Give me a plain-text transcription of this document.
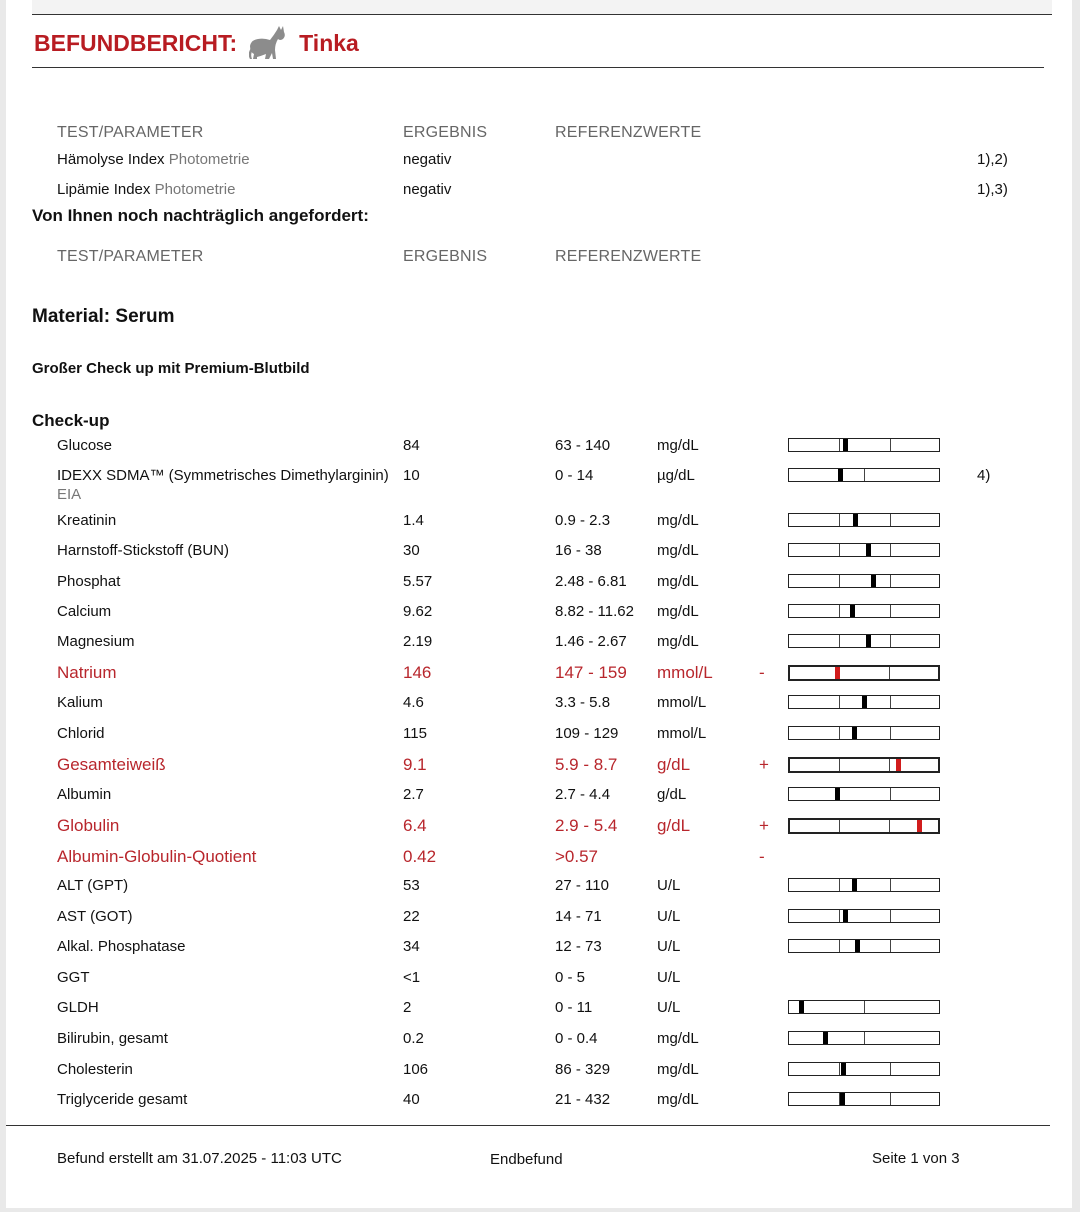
BEFUNDBERICHT:	Tinka
TEST/PARAMETER	ERGEBNIS	REFERENZWERTE
Hämolyse Index Photometrie	negativ	1),2)
Lipämie Index Photometrie	negativ	1),3)
Von Ihnen noch nachträglich angefordert:
TEST/PARAMETER	ERGEBNIS	REFERENZWERTE
Material: Serum
Großer Check up mit Premium-Blutbild
Check-up
Glucose	84	63 - 140	mg/dL
IDEXX SDMA™ (Symmetrisches Dimethylarginin)
EIA
10	0 - 14	µg/dL	4)
Kreatinin	1.4	0.9 - 2.3	mg/dL
Harnstoff-Stickstoff (BUN)	30	16 - 38	mg/dL
Phosphat	5.57	2.48 - 6.81 mg/dL
Calcium	9.62	8.82 - 11.62 mg/dL
Magnesium	2.19	1.46 - 2.67 mg/dL
Natrium	146	147 - 159 mmol/L	-
Kalium	4.6	3.3 - 5.8	mmol/L
Chlorid	115	109 - 129	mmol/L
Gesamteiweiß	9.1	5.9 - 8.7 g/dL	+
Albumin	2.7	2.7 - 4.4	g/dL
Globulin	6.4	2.9 - 5.4 g/dL	+
Albumin-Globulin-Quotient	0.42	>0.57	-
ALT (GPT)	53	27 - 110	U/L
AST (GOT)	22	14 - 71	U/L
Alkal. Phosphatase	34	12 - 73	U/L
GGT	<1	0 - 5	U/L
GLDH	2	0 - 11	U/L
Bilirubin, gesamt	0.2	0 - 0.4	mg/dL
Cholesterin	106	86 - 329	mg/dL
Triglyceride gesamt	40	21 - 432	mg/dL
Befund erstellt am 31.07.2025 - 11:03 UTC	Endbefund	Seite 1 von 3
